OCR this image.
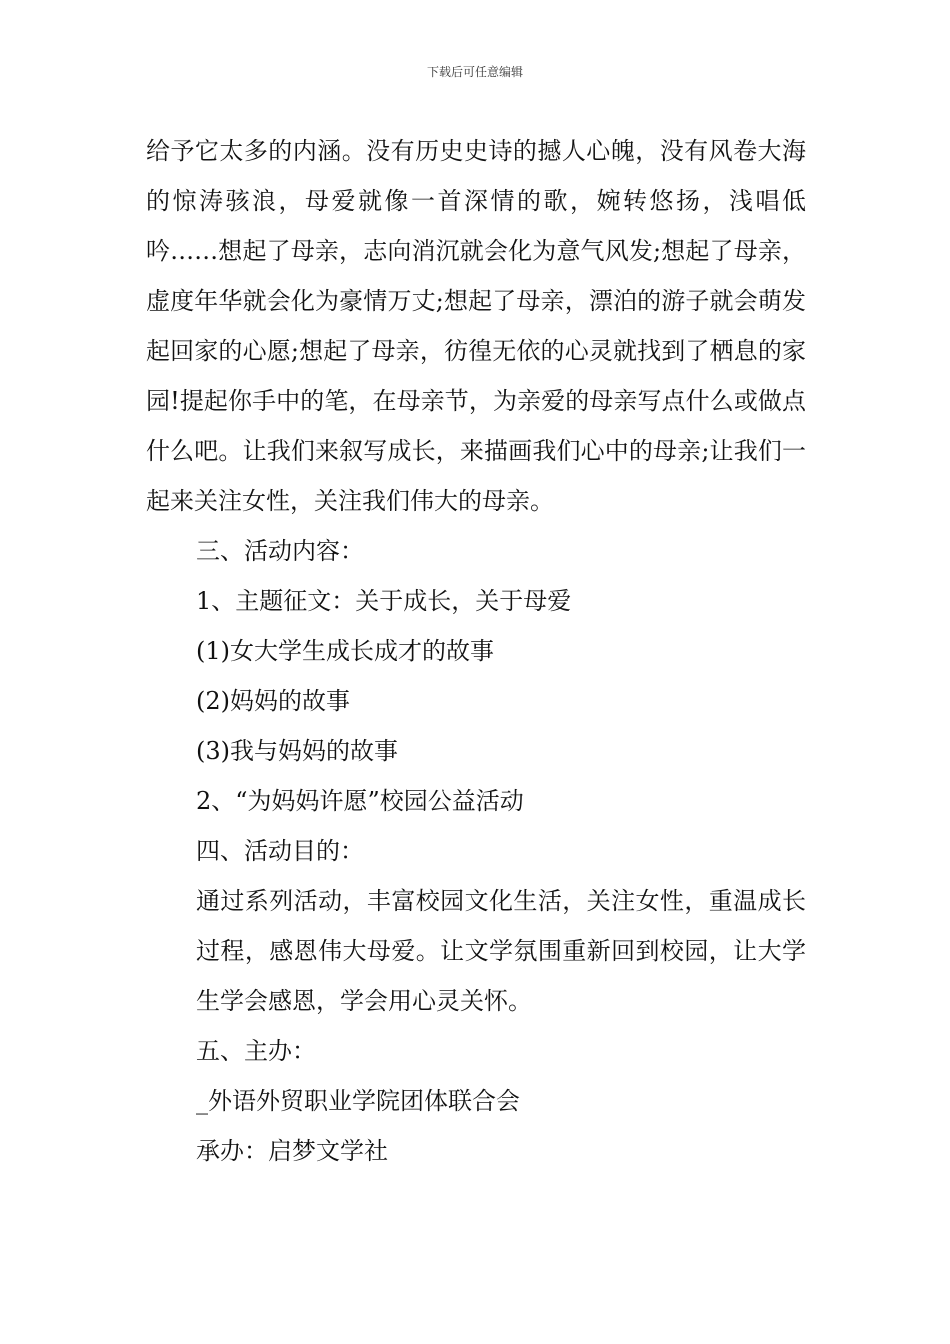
下载后可任意编辑

给予它太多的内涵。没有历史史诗的撼人心魄，没有风卷大海的惊涛骇浪，母爱就像一首深情的歌，婉转悠扬，浅唱低吟……想起了母亲，志向消沉就会化为意气风发;想起了母亲，虚度年华就会化为豪情万丈;想起了母亲，漂泊的游子就会萌发起回家的心愿;想起了母亲，彷徨无依的心灵就找到了栖息的家园!提起你手中的笔，在母亲节，为亲爱的母亲写点什么或做点什么吧。让我们来叙写成长，来描画我们心中的母亲;让我们一起来关注女性，关注我们伟大的母亲。

三、活动内容：

1、主题征文：关于成长，关于母爱

(1)女大学生成长成才的故事

(2)妈妈的故事

(3)我与妈妈的故事

2、“为妈妈许愿”校园公益活动

四、活动目的：

通过系列活动，丰富校园文化生活，关注女性，重温成长过程，感恩伟大母爱。让文学氛围重新回到校园，让大学生学会感恩，学会用心灵关怀。

五、主办：

_外语外贸职业学院团体联合会

承办：启梦文学社
